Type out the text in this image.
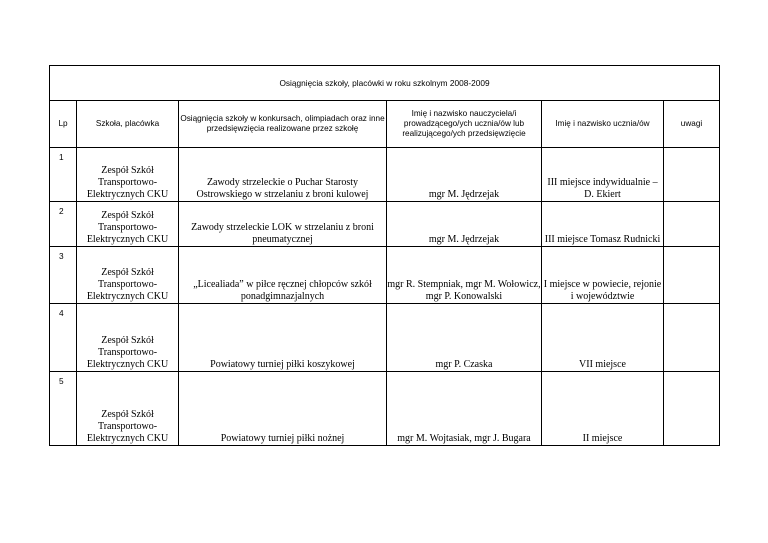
Osiągnięcia szkoły, placówki w roku szkolnym 2008-2009					
Lp	Szkoła, placówka	Osiągnięcia szkoły w konkursach, olimpiadach oraz inne przedsięwzięcia realizowane przez szkołę	Imię i nazwisko nauczyciela/i prowadzącego/ych ucznia/ów lub realizującego/ych przedsięwzięcie	Imię i nazwisko ucznia/ów	uwagi
1	Zespół Szkół Transportowo-Elektrycznych CKU	Zawody strzeleckie o Puchar Starosty Ostrowskiego w strzelaniu z broni kulowej	mgr M. Jędrzejak	III miejsce indywidualnie – D. Ekiert	
2	Zespół Szkół Transportowo-Elektrycznych CKU	Zawody strzeleckie LOK w strzelaniu z broni pneumatycznej	mgr M. Jędrzejak	III miejsce Tomasz Rudnicki	
3	Zespół Szkół Transportowo-Elektrycznych CKU	„Licealiada” w piłce ręcznej chłopców szkół ponadgimnazjalnych	mgr R. Stempniak, mgr M. Wołowicz, mgr P. Konowalski	I miejsce w powiecie, rejonie i województwie	
4	Zespół Szkół Transportowo-Elektrycznych CKU	Powiatowy turniej piłki koszykowej	mgr P. Czaska	VII miejsce	
5	Zespół Szkół Transportowo-Elektrycznych CKU	Powiatowy turniej piłki nożnej	mgr M. Wojtasiak, mgr J. Bugara	II miejsce	
